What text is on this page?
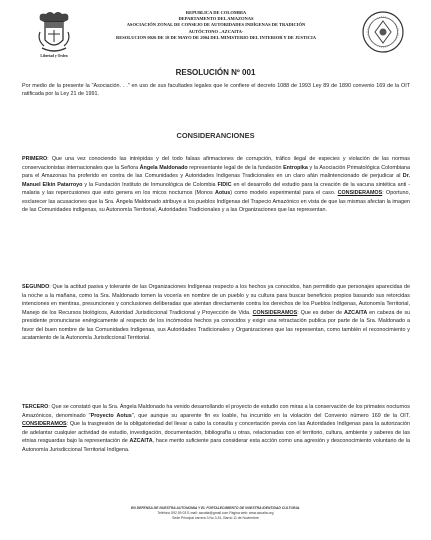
Libertad y Orden
REPUBLICA DE COLOMBIA
DEPARTAMENTO DEL AMAZONAS
ASOCIACIÓN ZONAL DE CONSEJO DE AUTORIDADES INDÍGENAS DE TRADICIÓN
AUTÓCTONO –AZCAITA-
RESOLUCION 0026 DE 18 DE MAYO DE 2004 DEL MINISTERIO DEL INTERIOR Y DE JUSTICIA
RESOLUCIÓN Nº 001
Por medio de la presente la "Asociación. . ." en uso de sus facultades legales que le confiere el decreto 1088 de 1993 Ley 89 de 1890 convenio 169 de la OIT ratificada por la Ley 21 de 1991.
CONSIDERANCIONES
PRIMERO: Que una vez conociendo las intrépidas y del todo falsas afirmaciones de corrupción, tráfico ilegal de especies y violación de las normas conservacionistas internacionales que la Señora Ángela Maldonado representante legal de de la fundación Entropika y la Asociación Primatológica Colombiana para el Amazonas ha proferido en contra de las Comunidades y Autoridades Indígenas Tradicionales en un claro afán malintencionado de perjudicar al Dr. Manuel Elkin Patarroyo y la Fundación Instituto de Inmunológica de Colombia FIDIC en el desarrollo del estudio para la creación de la vacuna sintética anti - malaria y las repercusiones que esto genera en los micos nocturnos (Monos Aotus) como modelo experimental para el caso. CONSIDERAMOS: Oportuno, esclarecer las acusaciones que la Sra. Ángela Maldonado atribuye a los pueblos Indígenas del Trapecio Amazónico en vista de que las mismas afectan la imagen de las Comunidades indígenas, su Autonomía Territorial, Autoridades Tradicionales y a las Organizaciones que las representan.
SEGUNDO: Que la actitud pasiva y tolerante de las Organizaciones Indígenas respecto a los hechos ya conocidos, han permitido que personajes aparecidas de la noche a la mañana, como la Sra. Maldonado tomen la vocería en nombre de un pueblo y su cultura para buscar beneficios propios basando sus retorcidas intenciones en mentiras, presunciones y conclusiones deliberadas que atentan directamente contra los derechos de los Pueblos Indígenas, Autonomía Territorial, Manejo de los Recursos biológicos, Autoridad Jurisdiccional Tradicional y Proyección de Vida. CONSIDERAMOS: Que es deber de AZCAITA en cabeza de su presidente pronunciarse enérgicamente al respecto de los incómodos hechos ya conocidos y exigir una retractación publica por parte de la Sra. Maldonado a favor del buen nombre de las Comunidades Indígenas, sus Autoridades Tradicionales y Organizaciones que las representan, como también el reconocimiento y acatamiento de la Autonomía Jurisdiccional Territorial.
TERCERO: Que se constató que la Sra. Ángela Maldonado ha venido desarrollando el proyecto de estudio con miras a la conservación de los primates nocturnos Amazónicos, denominado "Proyecto Aotus", que aunque su aparente fin es loable, ha incurrido en la violación del Convenio número 169 de la OIT. CONSIDERAMOS: Que la trasgresión de la obligatoriedad del llevar a cabo la consulta y concertación previa con las Autoridades Indígenas para la autorización de adelantar cualquier actividad de estudio, investigación, documentación, bibliografía u otras, relacionadas con el territorio, cultura, ambiente y saberes de las etnias resguardas bajo la representación de AZCAITA, hace merito suficiente para considerar esta acción como una agresión y desconocimiento voluntario de la Autonomía Jurisdiccional Territorial Indígena.
EN DEFENSA DE NUESTRA AUTONOMIA Y EL FORTALECIMIENTO DE NUESTRA IDENTIDAD CULTURAL
Teléfono 592 59 03 E-mail: azcaita@gmail.com Página web: www.azcaita.org
Sede Principal carrera 3 No 3-51, Barrio 11 de Noviembre
